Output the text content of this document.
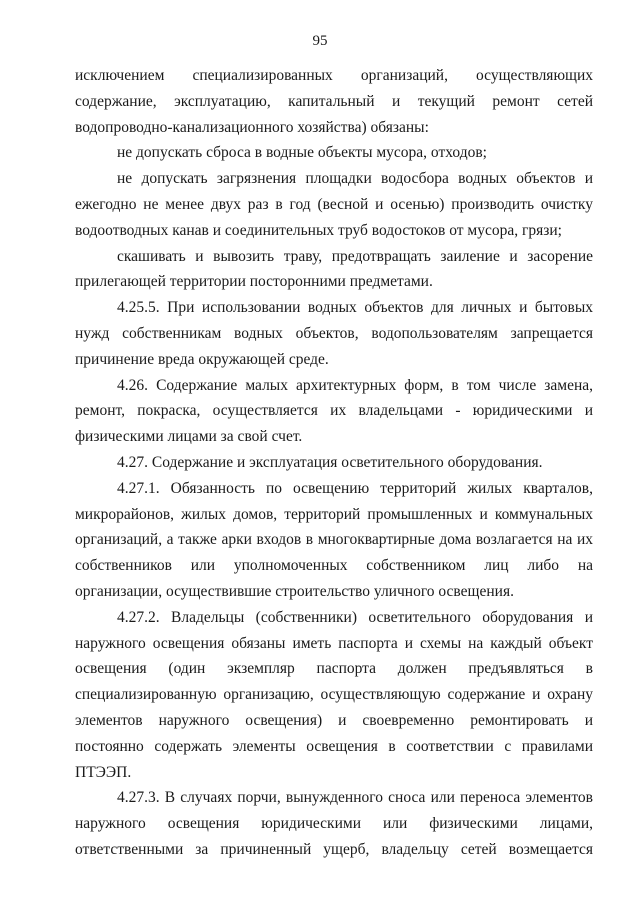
95

исключением специализированных организаций, осуществляющих содержание, эксплуатацию, капитальный и текущий ремонт сетей водопроводно-канализационного хозяйства) обязаны:

не допускать сброса в водные объекты мусора, отходов;

не допускать загрязнения площадки водосбора водных объектов и ежегодно не менее двух раз в год (весной и осенью) производить очистку водоотводных канав и соединительных труб водостоков от мусора, грязи;

скашивать и вывозить траву, предотвращать заиление и засорение прилегающей территории посторонними предметами.

4.25.5. При использовании водных объектов для личных и бытовых нужд собственникам водных объектов, водопользователям запрещается причинение вреда окружающей среде.

4.26. Содержание малых архитектурных форм, в том числе замена, ремонт, покраска, осуществляется их владельцами - юридическими и физическими лицами за свой счет.

4.27. Содержание и эксплуатация осветительного оборудования.

4.27.1. Обязанность по освещению территорий жилых кварталов, микрорайонов, жилых домов, территорий промышленных и коммунальных организаций, а также арки входов в многоквартирные дома возлагается на их собственников или уполномоченных собственником лиц либо на организации, осуществившие строительство уличного освещения.

4.27.2. Владельцы (собственники) осветительного оборудования и наружного освещения обязаны иметь паспорта и схемы на каждый объект освещения (один экземпляр паспорта должен предъявляться в специализированную организацию, осуществляющую содержание и охрану элементов наружного освещения) и своевременно ремонтировать и постоянно содержать элементы освещения в соответствии с правилами ПТЭЭП.

4.27.3. В случаях порчи, вынужденного сноса или переноса элементов наружного освещения юридическими или физическими лицами, ответственными за причиненный ущерб, владельцу сетей возмещается
